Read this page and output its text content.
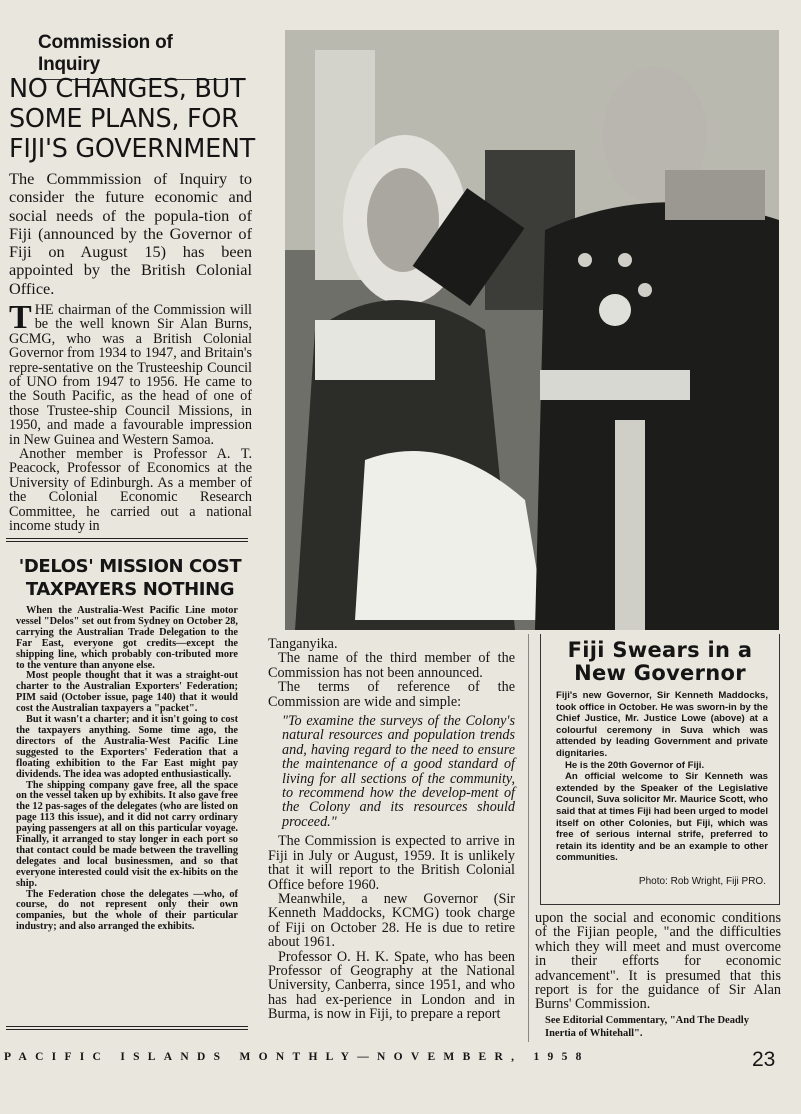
Commission of Inquiry
NO CHANGES, BUT SOME PLANS, FOR FIJI'S GOVERNMENT
The Commmission of Inquiry to consider the future economic and social needs of the popula-tion of Fiji (announced by the Governor of Fiji on August 15) has been appointed by the British Colonial Office.

THE chairman of the Commission will be the well known Sir Alan Burns, GCMG, who was a British Colonial Governor from 1934 to 1947, and Britain's repre-sentative on the Trusteeship Council of UNO from 1947 to 1956. He came to the South Pacific, as the head of one of those Trustee-ship Council Missions, in 1950, and made a favourable impression in New Guinea and Western Samoa.

Another member is Professor A. T. Peacock, Professor of Economics at the University of Edinburgh. As a member of the Colonial Economic Research Committee, he carried out a national income study in

'DELOS' MISSION COST TAXPAYERS NOTHING

When the Australia-West Pacific Line motor vessel "Delos" set out from Sydney on October 28, carrying the Australian Trade Delegation to the Far East, everyone got credits—except the shipping line, which probably con-tributed more to the venture than anyone else.

Most people thought that it was a straight-out charter to the Australian Exporters' Federation; PIM said (October issue, page 140) that it would cost the Australian taxpayers a "packet".

But it wasn't a charter; and it isn't going to cost the taxpayers anything. Some time ago, the directors of the Australia-West Pacific Line suggested to the Exporters' Federation that a floating exhibition to the Far East might pay dividends. The idea was adopted enthusiastically.

The shipping company gave free, all the space on the vessel taken up by exhibits. It also gave free the 12 pas-sages of the delegates (who are listed on page 113 this issue), and it did not carry ordinary paying passengers at all on this particular voyage. Finally, it arranged to stay longer in each port so that contact could be made between the travelling delegates and local businessmen, and so that everyone interested could visit the ex-hibits on the ship.

The Federation chose the delegates —who, of course, do not represent only their own companies, but the whole of their particular industry; and also arranged the exhibits.

Tanganyika.

The name of the third member of the Commission has not been announced.

The terms of reference of the Commission are wide and simple:

"To examine the surveys of the Colony's natural resources and population trends and, having regard to the need to ensure the maintenance of a good standard of living for all sections of the community, to recommend how the develop-ment of the Colony and its resources should proceed."

The Commission is expected to arrive in Fiji in July or August, 1959. It is unlikely that it will report to the British Colonial Office before 1960.

Meanwhile, a new Governor (Sir Kenneth Maddocks, KCMG) took charge of Fiji on October 28. He is due to retire about 1961.

Professor O. H. K. Spate, who has been Professor of Geography at the National University, Canberra, since 1951, and who has had ex-perience in London and in Burma, is now in Fiji, to prepare a report

Fiji Swears in a New Governor

Fiji's new Governor, Sir Kenneth Maddocks, took office in October. He was sworn-in by the Chief Justice, Mr. Justice Lowe (above) at a colourful ceremony in Suva which was attended by leading Government and private dignitaries.

He is the 20th Governor of Fiji.

An official welcome to Sir Kenneth was extended by the Speaker of the Legislative Council, Suva solicitor Mr. Maurice Scott, who said that at times Fiji had been urged to model itself on other Colonies, but Fiji, which was free of serious internal strife, preferred to retain its identity and be an example to other communities.

Photo: Rob Wright, Fiji PRO.
upon the social and economic conditions of the Fijian people, "and the difficulties which they will meet and must overcome in their efforts for economic advancement". It is presumed that this report is for the guidance of Sir Alan Burns' Commission.
See Editorial Commentary, "And The Deadly Inertia of Whitehall".
PACIFIC ISLANDS MONTHLY—NOVEMBER, 1958	23
